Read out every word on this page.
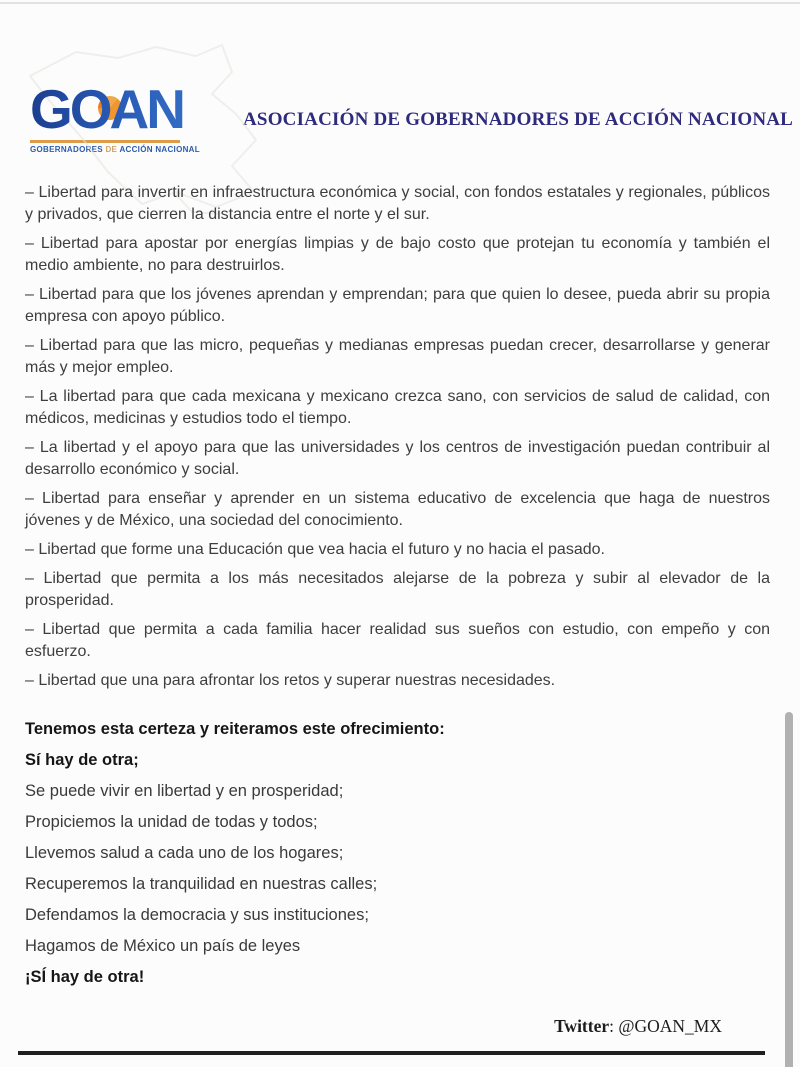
GOAN
GOBERNADORES DE ACCIÓN NACIONAL
ASOCIACIÓN DE GOBERNADORES DE ACCIÓN NACIONAL

– Libertad para invertir en infraestructura económica y social, con fondos estatales y regionales, públicos y privados, que cierren la distancia entre el norte y el sur.

– Libertad para apostar por energías limpias y de bajo costo que protejan tu economía y también el medio ambiente, no para destruirlos.

– Libertad para que los jóvenes aprendan y emprendan; para que quien lo desee, pueda abrir su propia empresa con apoyo público.

– Libertad para que las micro, pequeñas y medianas empresas puedan crecer, desarrollarse y generar más y mejor empleo.

– La libertad para que cada mexicana y mexicano crezca sano, con servicios de salud de calidad, con médicos, medicinas y estudios todo el tiempo.

– La libertad y el apoyo para que las universidades y los centros de investigación puedan contribuir al desarrollo económico y social.

– Libertad para enseñar y aprender en un sistema educativo de excelencia que haga de nuestros jóvenes y de México, una sociedad del conocimiento.

– Libertad que forme una Educación que vea hacia el futuro y no hacia el pasado.

– Libertad que permita a los más necesitados alejarse de la pobreza y subir al elevador de la prosperidad.

– Libertad que permita a cada familia hacer realidad sus sueños con estudio, con empeño y con esfuerzo.

– Libertad que una para afrontar los retos y superar nuestras necesidades.

Tenemos esta certeza y reiteramos este ofrecimiento:

Sí hay de otra;

Se puede vivir en libertad y en prosperidad;

Propiciemos la unidad de todas y todos;

Llevemos salud a cada uno de los hogares;

Recuperemos la tranquilidad en nuestras calles;

Defendamos la democracia y sus instituciones;

Hagamos de México un país de leyes

¡SÍ hay de otra!

Twitter: @GOAN_MX
